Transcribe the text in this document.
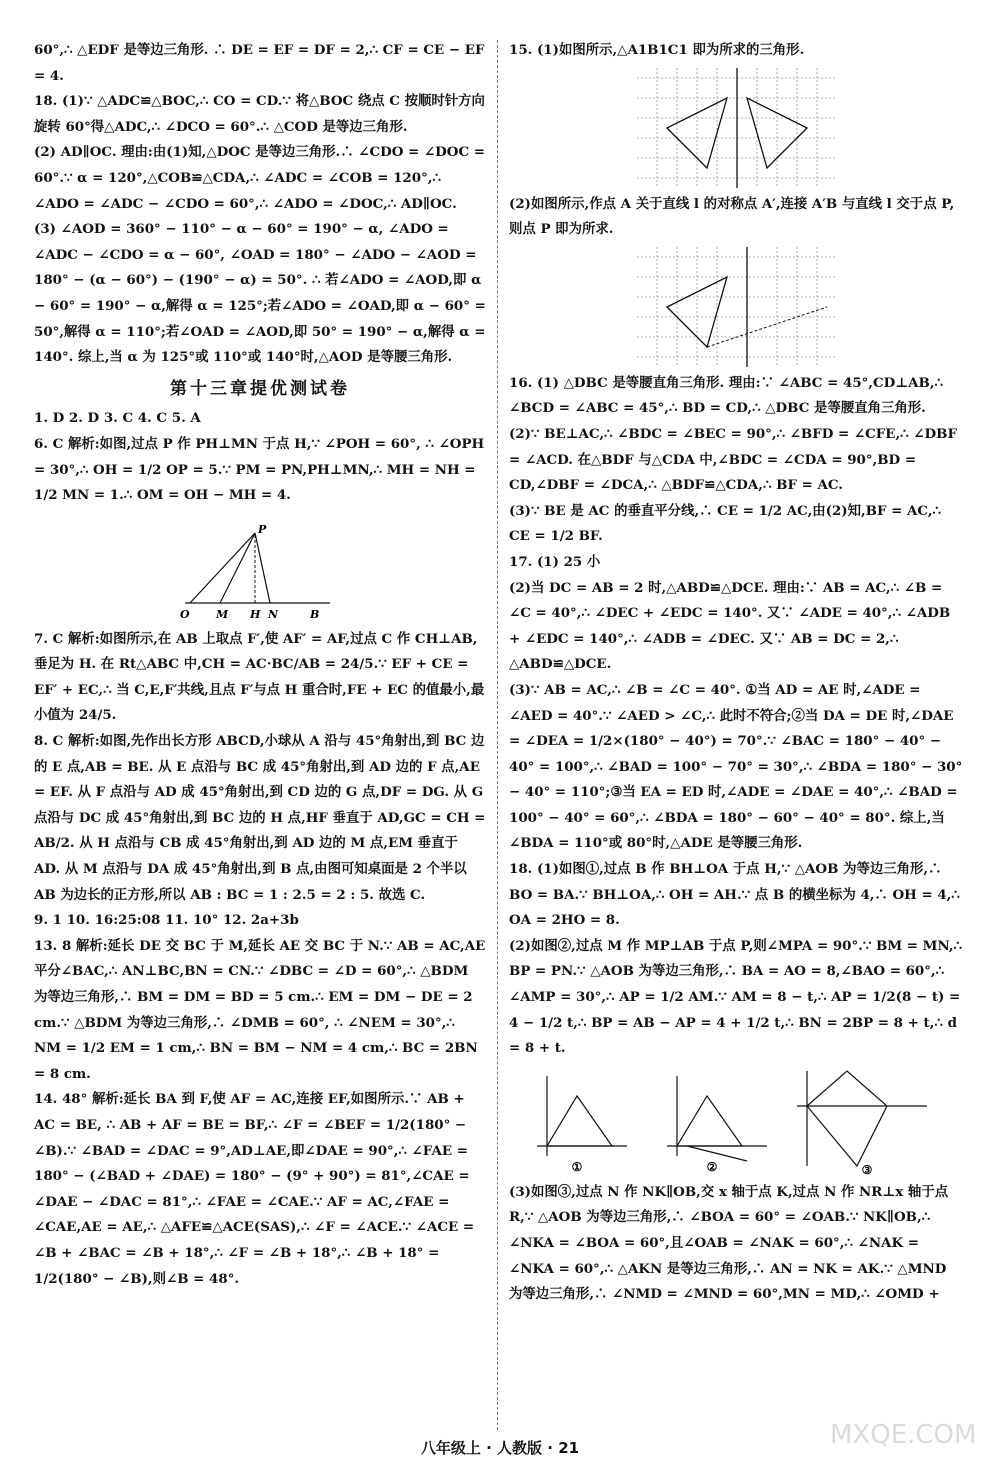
60°,∴ △EDF 是等边三角形. ∴ DE = EF = DF = 2,∴ CF = CE − EF = 4.

18. (1)∵ △ADC≌△BOC,∴ CO = CD.∵ 将△BOC 绕点 C 按顺时针方向旋转 60°得△ADC,∴ ∠DCO = 60°.∴ △COD 是等边三角形.

(2) AD∥OC. 理由:由(1)知,△DOC 是等边三角形.∴ ∠CDO = ∠DOC = 60°.∵ α = 120°,△COB≌△CDA,∴ ∠ADC = ∠COB = 120°,∴ ∠ADO = ∠ADC − ∠CDO = 60°,∴ ∠ADO = ∠DOC,∴ AD∥OC.

(3) ∠AOD = 360° − 110° − α − 60° = 190° − α, ∠ADO = ∠ADC − ∠CDO = α − 60°, ∠OAD = 180° − ∠ADO − ∠AOD = 180° − (α − 60°) − (190° − α) = 50°. ∴ 若∠ADO = ∠AOD,即 α − 60° = 190° − α,解得 α = 125°;若∠ADO = ∠OAD,即 α − 60° = 50°,解得 α = 110°;若∠OAD = ∠AOD,即 50° = 190° − α,解得 α = 140°. 综上,当 α 为 125°或 110°或 140°时,△AOD 是等腰三角形.

第十三章提优测试卷

1. D 2. D 3. C 4. C 5. A

6. C 解析:如图,过点 P 作 PH⊥MN 于点 H,∵ ∠POH = 60°, ∴ ∠OPH = 30°,∴ OH = 1/2 OP = 5.∵ PM = PN,PH⊥MN,∴ MH = NH = 1/2 MN = 1.∴ OM = OH − MH = 4.

O M H N	B
P

7. C 解析:如图所示,在 AB 上取点 F′,使 AF′ = AF,过点 C 作 CH⊥AB,垂足为 H. 在 Rt△ABC 中,CH = AC·BC/AB = 24/5.∵ EF + CE = EF′ + EC,∴ 当 C,E,F′共线,且点 F′与点 H 重合时,FE + EC 的值最小,最小值为 24/5.

8. C 解析:如图,先作出长方形 ABCD,小球从 A 沿与 45°角射出,到 BC 边的 E 点,AB = BE. 从 E 点沿与 BC 成 45°角射出,到 AD 边的 F 点,AE = EF. 从 F 点沿与 AD 成 45°角射出,到 CD 边的 G 点,DF = DG. 从 G 点沿与 DC 成 45°角射出,到 BC 边的 H 点,HF 垂直于 AD,GC = CH = AB/2. 从 H 点沿与 CB 成 45°角射出,到 AD 边的 M 点,EM 垂直于 AD. 从 M 点沿与 DA 成 45°角射出,到 B 点,由图可知桌面是 2 个半以 AB 为边长的正方形,所以 AB : BC = 1 : 2.5 = 2 : 5. 故选 C.

9. 1 10. 16:25:08 11. 10° 12. 2a+3b

13. 8 解析:延长 DE 交 BC 于 M,延长 AE 交 BC 于 N.∵ AB = AC,AE 平分∠BAC,∴ AN⊥BC,BN = CN.∵ ∠DBC = ∠D = 60°,∴ △BDM 为等边三角形,∴ BM = DM = BD = 5 cm.∴ EM = DM − DE = 2 cm.∵ △BDM 为等边三角形,∴ ∠DMB = 60°, ∴ ∠NEM = 30°,∴ NM = 1/2 EM = 1 cm,∴ BN = BM − NM = 4 cm,∴ BC = 2BN = 8 cm.

14. 48° 解析:延长 BA 到 F,使 AF = AC,连接 EF,如图所示.∵ AB + AC = BE, ∴ AB + AF = BE = BF,∴ ∠F = ∠BEF = 1/2(180° − ∠B).∵ ∠BAD = ∠DAC = 9°,AD⊥AE,即∠DAE = 90°,∴ ∠FAE = 180° − (∠BAD + ∠DAE) = 180° − (9° + 90°) = 81°,∠CAE = ∠DAE − ∠DAC = 81°,∴ ∠FAE = ∠CAE.∵ AF = AC,∠FAE = ∠CAE,AE = AE,∴ △AFE≌△ACE(SAS),∴ ∠F = ∠ACE.∵ ∠ACE = ∠B + ∠BAC = ∠B + 18°,∴ ∠F = ∠B + 18°,∴ ∠B + 18° = 1/2(180° − ∠B),则∠B = 48°.

15. (1)如图所示,△A1B1C1 即为所求的三角形.

(2)如图所示,作点 A 关于直线 l 的对称点 A′,连接 A′B 与直线 l 交于点 P,则点 P 即为所求.

16. (1) △DBC 是等腰直角三角形. 理由:∵ ∠ABC = 45°,CD⊥AB,∴ ∠BCD = ∠ABC = 45°,∴ BD = CD,∴ △DBC 是等腰直角三角形.

(2)∵ BE⊥AC,∴ ∠BDC = ∠BEC = 90°,∴ ∠BFD = ∠CFE,∴ ∠DBF = ∠ACD. 在△BDF 与△CDA 中,∠BDC = ∠CDA = 90°,BD = CD,∠DBF = ∠DCA,∴ △BDF≌△CDA,∴ BF = AC.

(3)∵ BE 是 AC 的垂直平分线,∴ CE = 1/2 AC,由(2)知,BF = AC,∴ CE = 1/2 BF.

17. (1) 25 小

(2)当 DC = AB = 2 时,△ABD≌△DCE. 理由:∵ AB = AC,∴ ∠B = ∠C = 40°,∴ ∠DEC + ∠EDC = 140°. 又∵ ∠ADE = 40°,∴ ∠ADB + ∠EDC = 140°,∴ ∠ADB = ∠DEC. 又∵ AB = DC = 2,∴ △ABD≌△DCE.

(3)∵ AB = AC,∴ ∠B = ∠C = 40°. ①当 AD = AE 时,∠ADE = ∠AED = 40°.∵ ∠AED > ∠C,∴ 此时不符合;②当 DA = DE 时,∠DAE = ∠DEA = 1/2×(180° − 40°) = 70°.∵ ∠BAC = 180° − 40° − 40° = 100°,∴ ∠BAD = 100° − 70° = 30°,∴ ∠BDA = 180° − 30° − 40° = 110°;③当 EA = ED 时,∠ADE = ∠DAE = 40°,∴ ∠BAD = 100° − 40° = 60°,∴ ∠BDA = 180° − 60° − 40° = 80°. 综上,当∠BDA = 110°或 80°时,△ADE 是等腰三角形.

18. (1)如图①,过点 B 作 BH⊥OA 于点 H,∵ △AOB 为等边三角形,∴ BO = BA.∵ BH⊥OA,∴ OH = AH.∵ 点 B 的横坐标为 4,∴ OH = 4,∴ OA = 2HO = 8.

(2)如图②,过点 M 作 MP⊥AB 于点 P,则∠MPA = 90°.∵ BM = MN,∴ BP = PN.∵ △AOB 为等边三角形,∴ BA = AO = 8,∠BAO = 60°,∴ ∠AMP = 30°,∴ AP = 1/2 AM.∵ AM = 8 − t,∴ AP = 1/2(8 − t) = 4 − 1/2 t,∴ BP = AB − AP = 4 + 1/2 t,∴ BN = 2BP = 8 + t,∴ d = 8 + t.

①	②	③

(3)如图③,过点 N 作 NK∥OB,交 x 轴于点 K,过点 N 作 NR⊥x 轴于点 R,∵ △AOB 为等边三角形,∴ ∠BOA = 60° = ∠OAB.∵ NK∥OB,∴ ∠NKA = ∠BOA = 60°,且∠OAB = ∠NAK = 60°,∴ ∠NAK = ∠NKA = 60°,∴ △AKN 是等边三角形,∴ AN = NK = AK.∵ △MND 为等边三角形,∴ ∠NMD = ∠MND = 60°,MN = MD,∴ ∠OMD +

八年级上 · 人教版 · 21	MXQE.COM
